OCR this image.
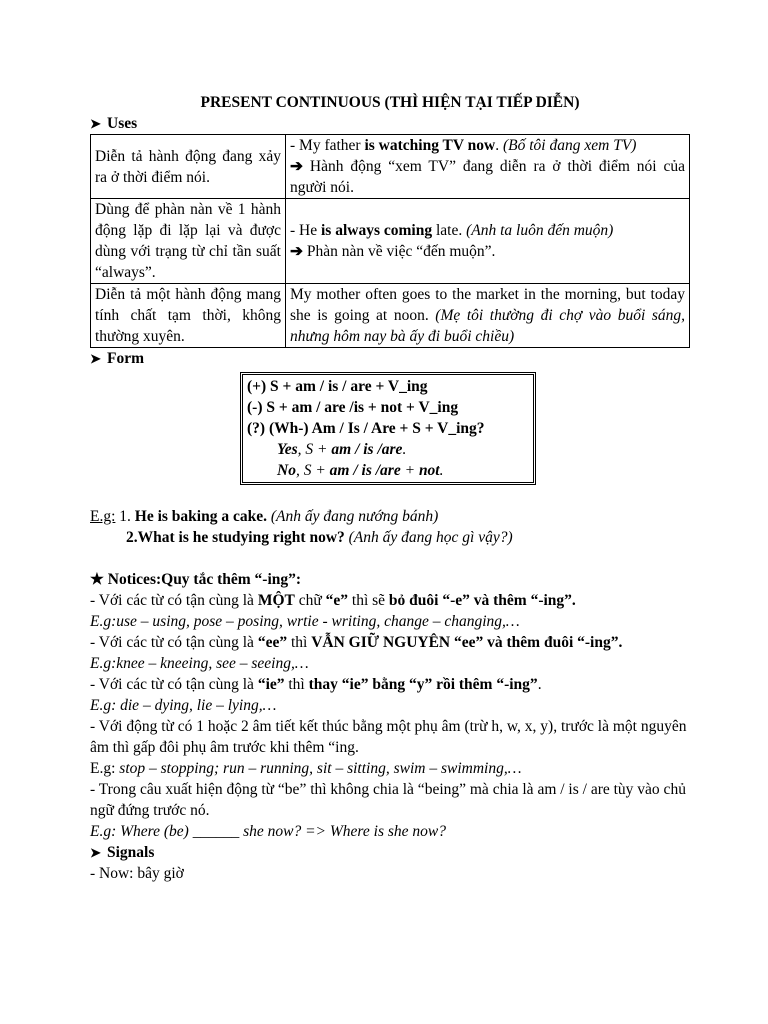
PRESENT CONTINUOUS (THÌ HIỆN TẠI TIẾP DIỄN)
➤ Uses
Diễn tả hành động đang xảy ra ở thời điểm nói.	- My father is watching TV now. (Bố tôi đang xem TV)
➔ Hành động “xem TV” đang diễn ra ở thời điểm nói của người nói.
Dùng để phàn nàn về 1 hành động lặp đi lặp lại và được dùng với trạng từ chỉ tần suất “always”.	- He is always coming late. (Anh ta luôn đến muộn)
➔ Phàn nàn về việc “đến muộn”.
Diễn tả một hành động mang tính chất tạm thời, không thường xuyên.	My mother often goes to the market in the morning, but today she is going at noon. (Mẹ tôi thường đi chợ vào buổi sáng, nhưng hôm nay bà ấy đi buổi chiều)
➤ Form
(+) S + am / is / are + V_ing
(-) S + am / are /is + not + V_ing
(?) (Wh-) Am / Is / Are + S + V_ing?
Yes, S + am / is /are.
No, S + am / is /are + not.
E.g: 1. He is baking a cake. (Anh ấy đang nướng bánh)
2.What is he studying right now? (Anh ấy đang học gì vậy?)
★ Notices:Quy tắc thêm “-ing”:
- Với các từ có tận cùng là MỘT chữ “e” thì sẽ bỏ đuôi “-e” và thêm “-ing”.
E.g:use – using, pose – posing, wrtie - writing, change – changing,…
- Với các từ có tận cùng là “ee” thì VẪN GIỮ NGUYÊN “ee” và thêm đuôi “-ing”.
E.g:knee – kneeing, see – seeing,…
- Với các từ có tận cùng là “ie” thì thay “ie” bằng “y” rồi thêm “-ing”.
E.g: die – dying, lie – lying,…
- Với động từ có 1 hoặc 2 âm tiết kết thúc bằng một phụ âm (trừ h, w, x, y), trước là một nguyên âm thì gấp đôi phụ âm trước khi thêm “ing.
E.g: stop – stopping; run – running, sit – sitting, swim – swimming,…
- Trong câu xuất hiện động từ “be” thì không chia là “being” mà chia là am / is / are tùy vào chủ ngữ đứng trước nó.
E.g: Where (be) ______ she now? => Where is she now?
➤ Signals
- Now: bây giờ
